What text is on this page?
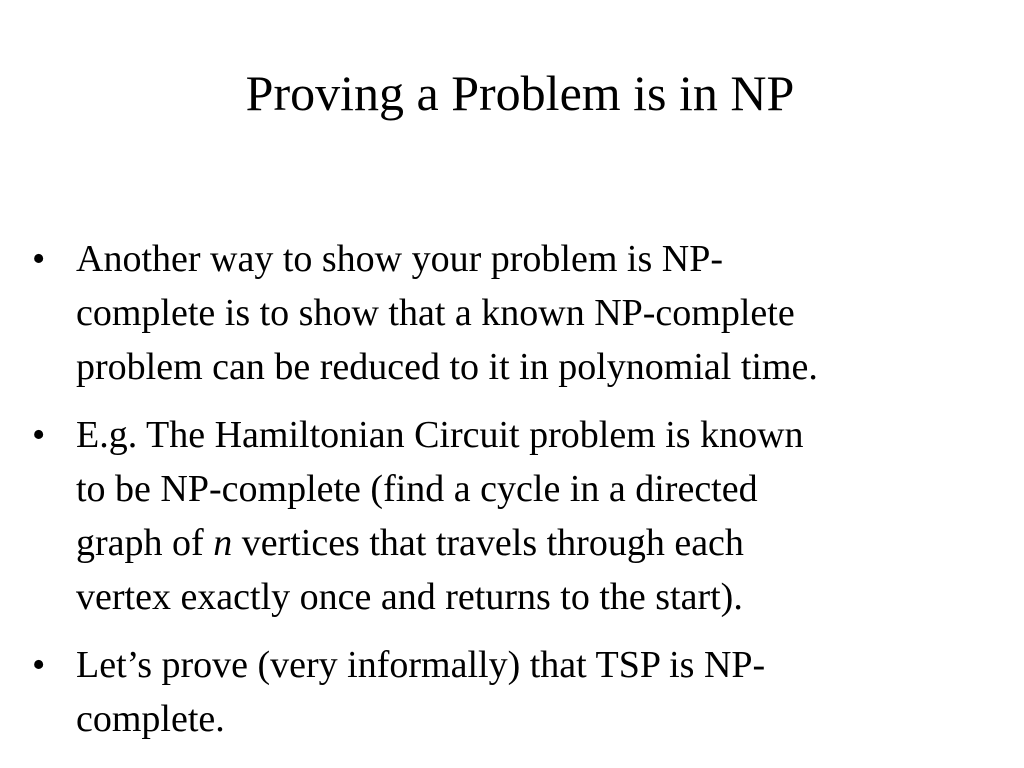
Proving a Problem is in NP
• Another way to show your problem is NP-
complete is to show that a known NP-complete
problem can be reduced to it in polynomial time.
• E.g. The Hamiltonian Circuit problem is known
to be NP-complete (find a cycle in a directed
graph of n vertices that travels through each
vertex exactly once and returns to the start).
• Let’s prove (very informally) that TSP is NP-
complete.
